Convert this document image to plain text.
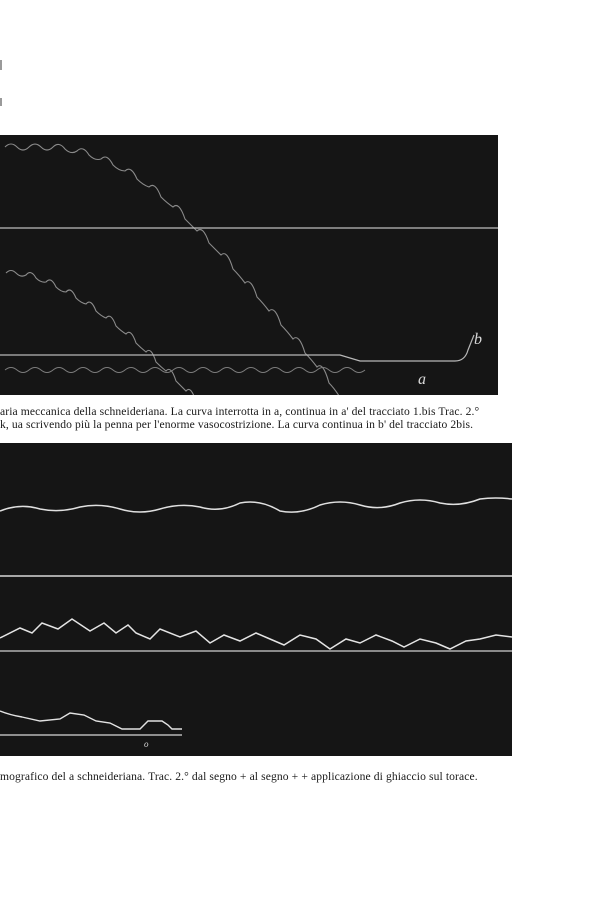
b
a
aria meccanica della schneideriana. La curva interrotta in a, continua in a' del tracciato 1.bis Trac. 2.°
k, ua scrivendo più la penna per l'enorme vasocostrizione. La curva continua in b' del tracciato 2bis.
o
mografico del a schneideriana. Trac. 2.° dal segno + al segno + + applicazione di ghiaccio sul torace.
